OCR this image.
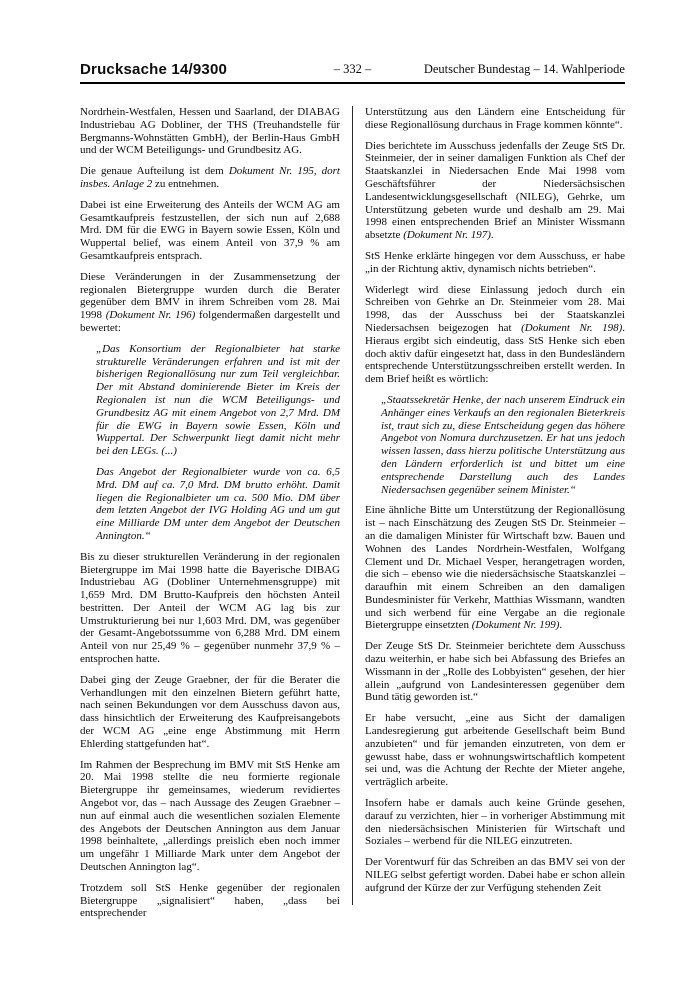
Drucksache 14/9300	– 332 –	Deutscher Bundestag – 14. Wahlperiode

Nordrhein-Westfalen, Hessen und Saarland, der DIABAG Industriebau AG Dobliner, der THS (Treuhandstelle für Bergmanns-Wohnstätten GmbH), der Berlin-Haus GmbH und der WCM Beteiligungs- und Grundbesitz AG.

Die genaue Aufteilung ist dem Dokument Nr. 195, dort insbes. Anlage 2 zu entnehmen.

Dabei ist eine Erweiterung des Anteils der WCM AG am Gesamtkaufpreis festzustellen, der sich nun auf 2,688 Mrd. DM für die EWG in Bayern sowie Essen, Köln und Wuppertal belief, was einem Anteil von 37,9 % am Gesamtkaufpreis entsprach.

Diese Veränderungen in der Zusammensetzung der regionalen Bietergruppe wurden durch die Berater gegenüber dem BMV in ihrem Schreiben vom 28. Mai 1998 (Dokument Nr. 196) folgendermaßen dargestellt und bewertet:

„Das Konsortium der Regionalbieter hat starke strukturelle Veränderungen erfahren und ist mit der bisherigen Regionallösung nur zum Teil vergleichbar. Der mit Abstand dominierende Bieter im Kreis der Regionalen ist nun die WCM Beteiligungs- und Grundbesitz AG mit einem Angebot von 2,7 Mrd. DM für die EWG in Bayern sowie Essen, Köln und Wuppertal. Der Schwerpunkt liegt damit nicht mehr bei den LEGs. (...)

Das Angebot der Regionalbieter wurde von ca. 6,5 Mrd. DM auf ca. 7,0 Mrd. DM brutto erhöht. Damit liegen die Regionalbieter um ca. 500 Mio. DM über dem letzten Angebot der IVG Holding AG und um gut eine Milliarde DM unter dem Angebot der Deutschen Annington.“

Bis zu dieser strukturellen Veränderung in der regionalen Bietergruppe im Mai 1998 hatte die Bayerische DIBAG Industriebau AG (Dobliner Unternehmensgruppe) mit 1,659 Mrd. DM Brutto-Kaufpreis den höchsten Anteil bestritten. Der Anteil der WCM AG lag bis zur Umstrukturierung bei nur 1,603 Mrd. DM, was gegenüber der Gesamt-Angebotssumme von 6,288 Mrd. DM einem Anteil von nur 25,49 % – gegenüber nunmehr 37,9 % – entsprochen hatte.

Dabei ging der Zeuge Graebner, der für die Berater die Verhandlungen mit den einzelnen Bietern geführt hatte, nach seinen Bekundungen vor dem Ausschuss davon aus, dass hinsichtlich der Erweiterung des Kaufpreisangebots der WCM AG „eine enge Abstimmung mit Herrn Ehlerding stattgefunden hat“.

Im Rahmen der Besprechung im BMV mit StS Henke am 20. Mai 1998 stellte die neu formierte regionale Bietergruppe ihr gemeinsames, wiederum revidiertes Angebot vor, das – nach Aussage des Zeugen Graebner – nun auf einmal auch die wesentlichen sozialen Elemente des Angebots der Deutschen Annington aus dem Januar 1998 beinhaltete, „allerdings preislich eben noch immer um ungefähr 1 Milliarde Mark unter dem Angebot der Deutschen Annington lag“.

Trotzdem soll StS Henke gegenüber der regionalen Bietergruppe „signalisiert“ haben, „dass bei entsprechender

Unterstützung aus den Ländern eine Entscheidung für diese Regionallösung durchaus in Frage kommen könnte“.

Dies berichtete im Ausschuss jedenfalls der Zeuge StS Dr. Steinmeier, der in seiner damaligen Funktion als Chef der Staatskanzlei in Niedersachen Ende Mai 1998 vom Geschäftsführer der Niedersächsischen Landesentwicklungsgesellschaft (NILEG), Gehrke, um Unterstützung gebeten wurde und deshalb am 29. Mai 1998 einen entsprechenden Brief an Minister Wissmann absetzte (Dokument Nr. 197).

StS Henke erklärte hingegen vor dem Ausschuss, er habe „in der Richtung aktiv, dynamisch nichts betrieben“.

Widerlegt wird diese Einlassung jedoch durch ein Schreiben von Gehrke an Dr. Steinmeier vom 28. Mai 1998, das der Ausschuss bei der Staatskanzlei Niedersachsen beigezogen hat (Dokument Nr. 198). Hieraus ergibt sich eindeutig, dass StS Henke sich eben doch aktiv dafür eingesetzt hat, dass in den Bundesländern entsprechende Unterstützungsschreiben erstellt werden. In dem Brief heißt es wörtlich:

„Staatssekretär Henke, der nach unserem Eindruck ein Anhänger eines Verkaufs an den regionalen Bieterkreis ist, traut sich zu, diese Entscheidung gegen das höhere Angebot von Nomura durchzusetzen. Er hat uns jedoch wissen lassen, dass hierzu politische Unterstützung aus den Ländern erforderlich ist und bittet um eine entsprechende Darstellung auch des Landes Niedersachsen gegenüber seinem Minister.“

Eine ähnliche Bitte um Unterstützung der Regionallösung ist – nach Einschätzung des Zeugen StS Dr. Steinmeier – an die damaligen Minister für Wirtschaft bzw. Bauen und Wohnen des Landes Nordrhein-Westfalen, Wolfgang Clement und Dr. Michael Vesper, herangetragen worden, die sich – ebenso wie die niedersächsische Staatskanzlei – daraufhin mit einem Schreiben an den damaligen Bundesminister für Verkehr, Matthias Wissmann, wandten und sich werbend für eine Vergabe an die regionale Bietergruppe einsetzten (Dokument Nr. 199).

Der Zeuge StS Dr. Steinmeier berichtete dem Ausschuss dazu weiterhin, er habe sich bei Abfassung des Briefes an Wissmann in der „Rolle des Lobbyisten“ gesehen, der hier allein „aufgrund von Landesinteressen gegenüber dem Bund tätig geworden ist.“

Er habe versucht, „eine aus Sicht der damaligen Landesregierung gut arbeitende Gesellschaft beim Bund anzubieten“ und für jemanden einzutreten, von dem er gewusst habe, dass er wohnungswirtschaftlich kompetent sei und, was die Achtung der Rechte der Mieter angehe, verträglich arbeite.

Insofern habe er damals auch keine Gründe gesehen, darauf zu verzichten, hier – in vorheriger Abstimmung mit den niedersächsischen Ministerien für Wirtschaft und Soziales – werbend für die NILEG einzutreten.

Der Vorentwurf für das Schreiben an das BMV sei von der NILEG selbst gefertigt worden. Dabei habe er schon allein aufgrund der Kürze der zur Verfügung stehenden Zeit
